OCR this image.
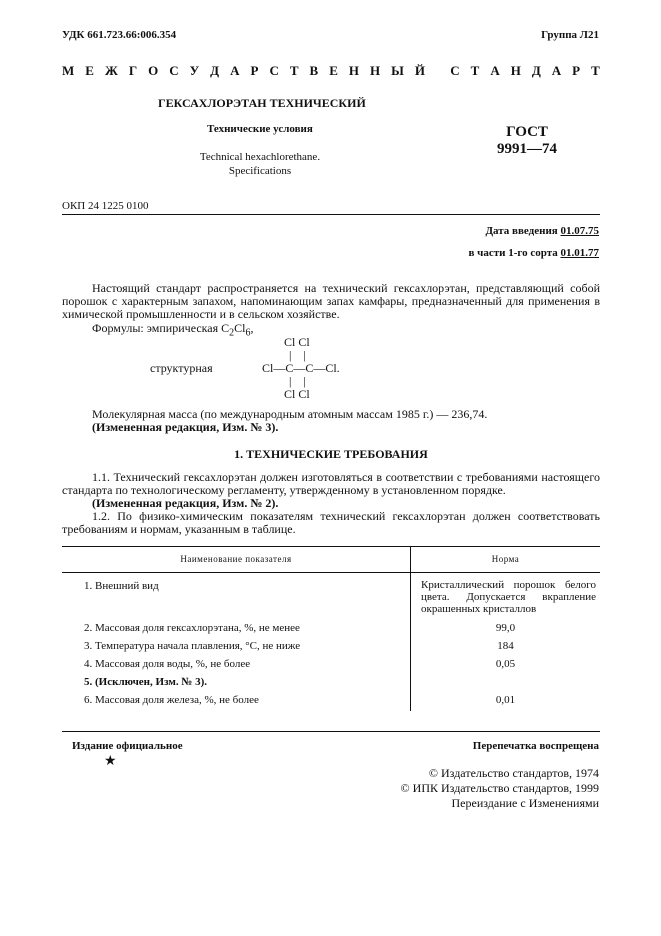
УДК 661.723.66:006.354	Группа Л21
М Е Ж Г О С У Д А Р С Т В Е Н Н Ы Й
С Т А Н Д А Р Т
ГЕКСАХЛОРЭТАН ТЕХНИЧЕСКИЙ
Технические условия
Technical hexachlorethane.
Specifications
ГОСТ
9991—74
ОКП 24 1225 0100
Дата введения 01.07.75
в части 1-го сорта 01.01.77
Настоящий стандарт распространяется на технический гексахлорэтан, представляющий собой порошок с характерным запахом, напоминающим запах камфары, предназначенный для применения в химической промышленности и в сельском хозяйстве.
Формулы: эмпирическая $C_2Cl_6$,
Cl Cl
|    |
структурная	Cl—C—C—Cl.
|    |
Cl Cl
Молекулярная масса (по международным атомным массам 1985 г.) — 236,74.
(Измененная редакция, Изм. № 3).
1. ТЕХНИЧЕСКИЕ ТРЕБОВАНИЯ
1.1. Технический гексахлорэтан должен изготовляться в соответствии с требованиями настоящего стандарта по технологическому регламенту, утвержденному в установленном порядке.
(Измененная редакция, Изм. № 2).
1.2. По физико-химическим показателям технический гексахлорэтан должен соответствовать требованиям и нормам, указанным в таблице.
Наименование показателя	Норма
1. Внешний вид	Кристаллический порошок белого цвета. Допускается вкрапление окрашенных кристаллов
2. Массовая доля гексахлорэтана, %, не менее	99,0
3. Температура начала плавления, °С, не ниже	184
4. Массовая доля воды, %, не более	0,05
5. (Исключен, Изм. № 3).	
6. Массовая доля железа, %, не более	0,01
Издание официальное
★
Перепечатка воспрещена
© Издательство стандартов, 1974
© ИПК Издательство стандартов, 1999
Переиздание с Изменениями
